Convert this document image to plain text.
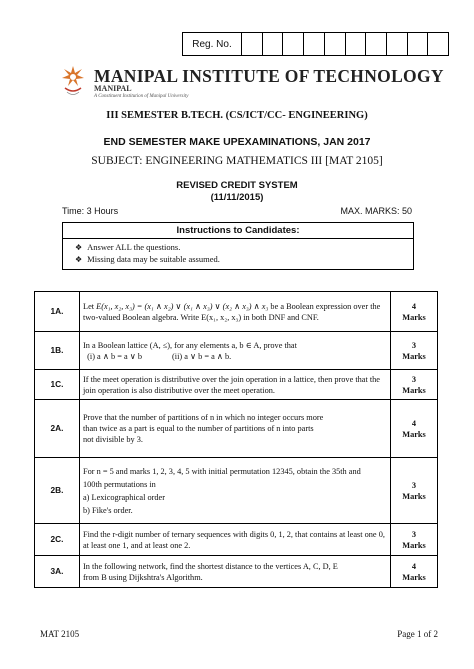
Reg. No.
MANIPAL INSTITUTE OF TECHNOLOGY
MANIPAL
A Constituent Institution of Manipal University
III SEMESTER B.TECH. (CS/ICT/CC- ENGINEERING)
END SEMESTER MAKE UPEXAMINATIONS, JAN 2017
SUBJECT: ENGINEERING MATHEMATICS III [MAT 2105]
REVISED CREDIT SYSTEM
(11/11/2015)
Time: 3 Hours	MAX. MARKS: 50
Instructions to Candidates:
❖ Answer ALL the questions.
❖ Missing data may be suitable assumed.
1A.	Let E(x₁, x₂, x₃) = (x₁ ∧ x₂) ∨ (x₁ ∧ x₃) ∨ (x₂ ∧ x₃) ∧ x₃ be a Boolean expression over the
two-valued Boolean algebra. Write E(x₁, x₂, x₃) in both DNF and CNF.	4
Marks
1B.	In a Boolean lattice (A, ≤), for any elements a, b ∈ A, prove that
(i) a ∧ b = a ∨ b (ii) a ∨ b = a ∧ b.	3
Marks
1C.	If the meet operation is distributive over the join operation in a lattice, then prove that the join operation is also distributive over the meet operation.	3
Marks
2A.	Prove that the number of partitions of n in which no integer occurs more
than twice as a part is equal to the number of partitions of n into parts
not divisible by 3.	4
Marks
2B.	For n = 5 and marks 1, 2, 3, 4, 5 with initial permutation 12345, obtain the 35th and
100th permutations in
a) Lexicographical order
b) Fike's order.	3
Marks
2C.	Find the r-digit number of ternary sequences with digits 0, 1, 2, that contains at least one 0, at least one 1, and at least one 2.	3
Marks
3A.	In the following network, find the shortest distance to the vertices A, C, D, E
from B using Dijkshtra's Algorithm.	4
Marks
MAT 2105	Page 1 of 2
